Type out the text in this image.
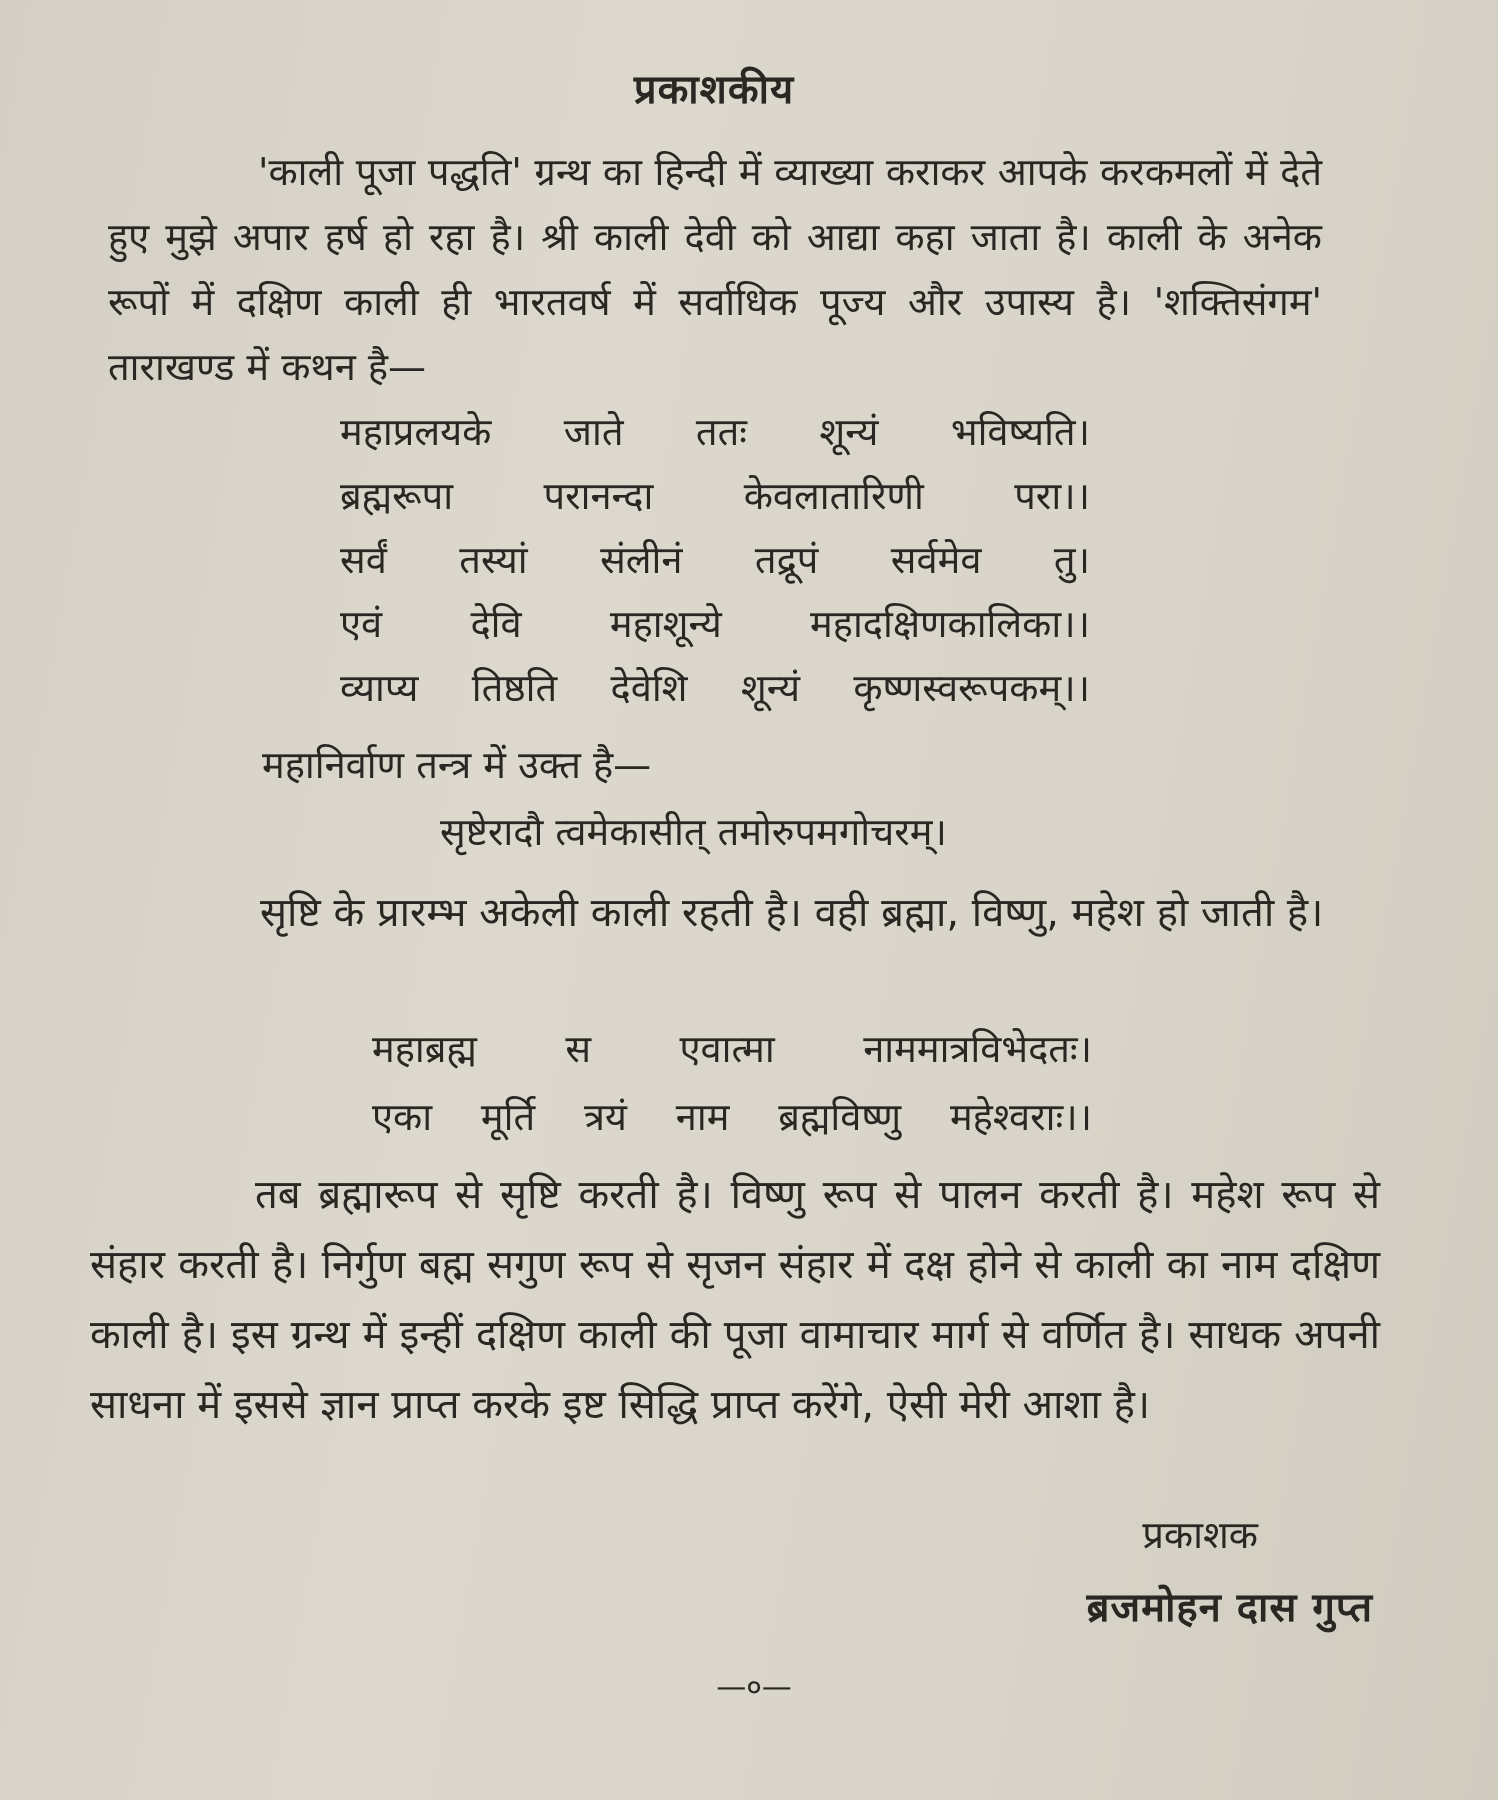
प्रकाशकीय
'काली पूजा पद्धति' ग्रन्थ का हिन्दी में व्याख्या कराकर आपके करकमलों में देते हुए मुझे अपार हर्ष हो रहा है। श्री काली देवी को आद्या कहा जाता है। काली के अनेक रूपों में दक्षिण काली ही भारतवर्ष में सर्वाधिक पूज्य और उपास्य है। 'शक्तिसंगम' ताराखण्ड में कथन है—
महाप्रलयके जाते ततः शून्यं भविष्यति।
ब्रह्मरूपा परानन्दा केवलातारिणी परा।।
सर्वं तस्यां संलीनं तद्रूपं सर्वमेव तु।
एवं देवि महाशून्ये महादक्षिणकालिका।।
व्याप्य तिष्ठति देवेशि शून्यं कृष्णस्वरूपकम्।।
महानिर्वाण तन्त्र में उक्त है—
सृष्टेरादौ त्वमेकासीत् तमोरुपमगोचरम्।
सृष्टि के प्रारम्भ अकेली काली रहती है। वही ब्रह्मा, विष्णु, महेश हो जाती है।
महाब्रह्म स एवात्मा नाममात्रविभेदतः।
एका मूर्ति त्रयं नाम ब्रह्मविष्णु महेश्वराः।।
तब ब्रह्मारूप से सृष्टि करती है। विष्णु रूप से पालन करती है। महेश रूप से संहार करती है। निर्गुण बह्म सगुण रूप से सृजन संहार में दक्ष होने से काली का नाम दक्षिण काली है। इस ग्रन्थ में इन्हीं दक्षिण काली की पूजा वामाचार मार्ग से वर्णित है। साधक अपनी साधना में इससे ज्ञान प्राप्त करके इष्ट सिद्धि प्राप्त करेंगे, ऐसी मेरी आशा है।
प्रकाशक
ब्रजमोहन दास गुप्त
—०—
